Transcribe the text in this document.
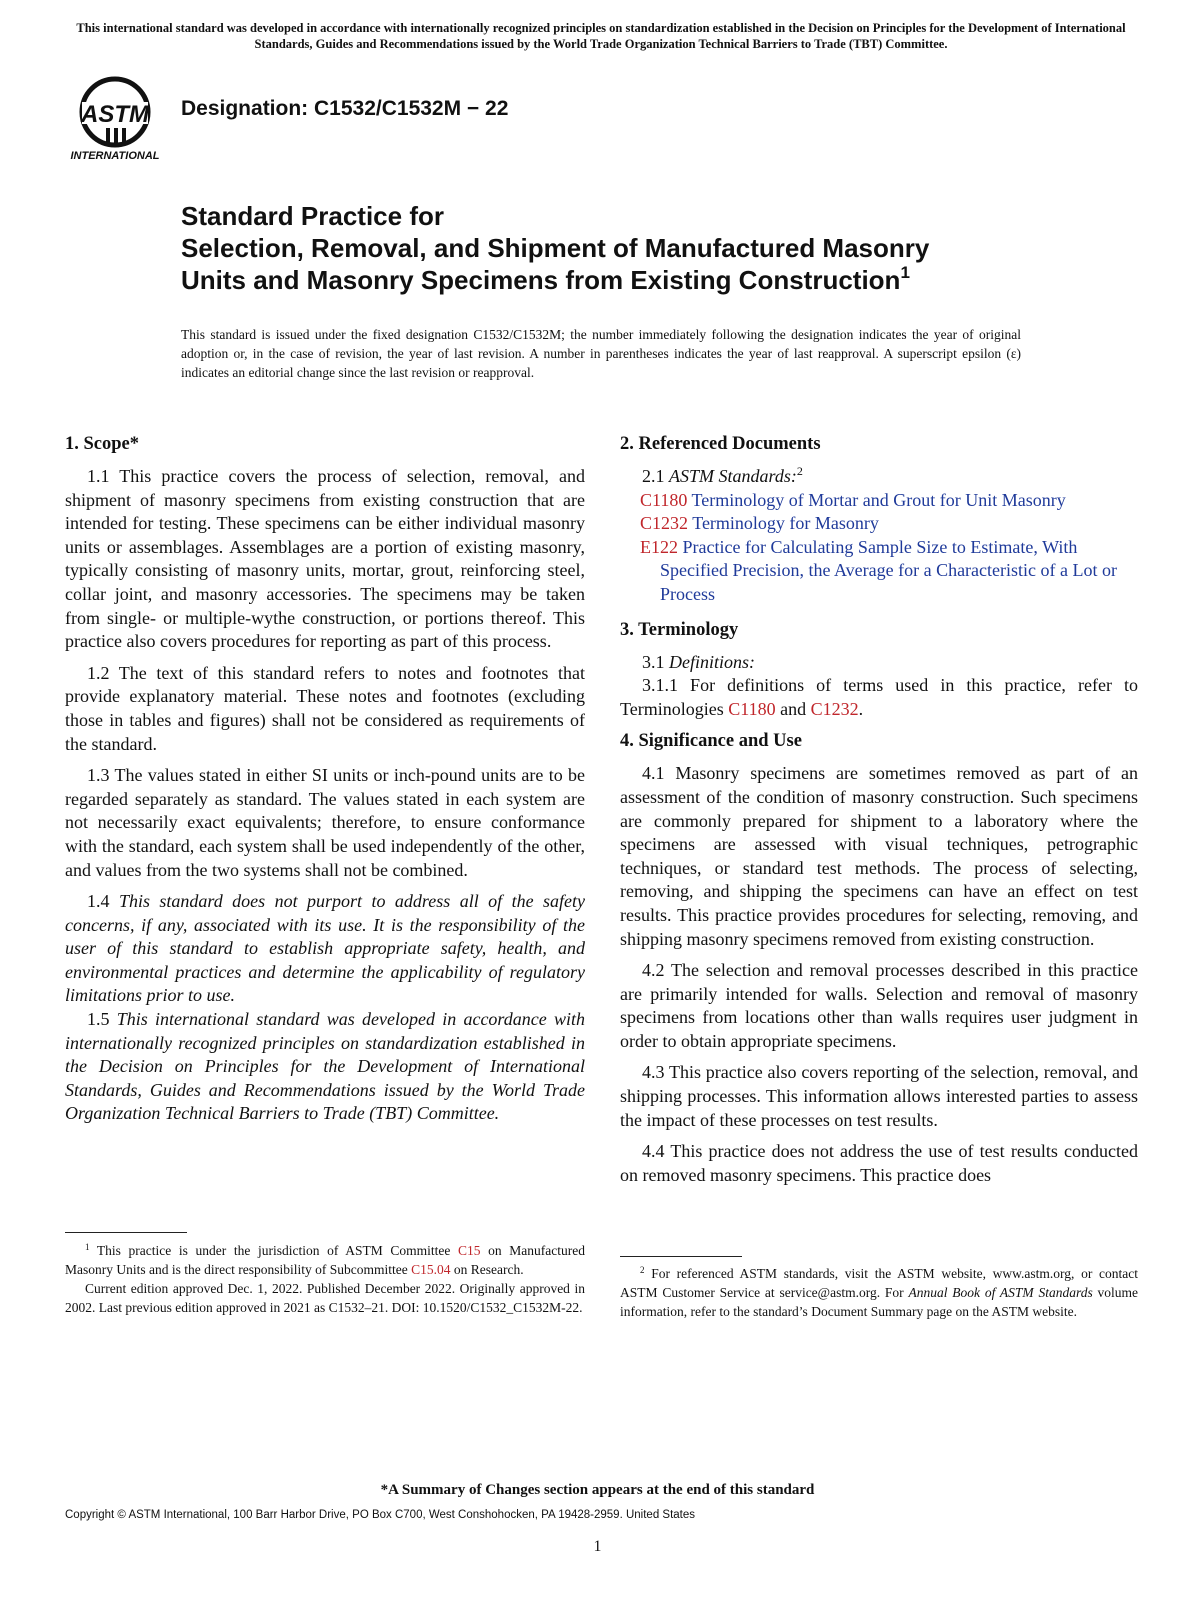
This international standard was developed in accordance with internationally recognized principles on standardization established in the Decision on Principles for the Development of International Standards, Guides and Recommendations issued by the World Trade Organization Technical Barriers to Trade (TBT) Committee.
ASTM
INTERNATIONAL
Designation: C1532/C1532M − 22
Standard Practice for
Selection, Removal, and Shipment of Manufactured Masonry
Units and Masonry Specimens from Existing Construction$^1$
This standard is issued under the fixed designation C1532/C1532M; the number immediately following the designation indicates the year of original adoption or, in the case of revision, the year of last revision. A number in parentheses indicates the year of last reapproval. A superscript epsilon (ε) indicates an editorial change since the last revision or reapproval.
1. Scope*

1.1 This practice covers the process of selection, removal, and shipment of masonry specimens from existing construction that are intended for testing. These specimens can be either individual masonry units or assemblages. Assemblages are a portion of existing masonry, typically consisting of masonry units, mortar, grout, reinforcing steel, collar joint, and masonry accessories. The specimens may be taken from single- or multiple-wythe construction, or portions thereof. This practice also covers procedures for reporting as part of this process.

1.2 The text of this standard refers to notes and footnotes that provide explanatory material. These notes and footnotes (excluding those in tables and figures) shall not be considered as requirements of the standard.

1.3 The values stated in either SI units or inch-pound units are to be regarded separately as standard. The values stated in each system are not necessarily exact equivalents; therefore, to ensure conformance with the standard, each system shall be used independently of the other, and values from the two systems shall not be combined.

1.4 This standard does not purport to address all of the safety concerns, if any, associated with its use. It is the responsibility of the user of this standard to establish appropriate safety, health, and environmental practices and determine the applicability of regulatory limitations prior to use.

1.5 This international standard was developed in accordance with internationally recognized principles on standardization established in the Decision on Principles for the Development of International Standards, Guides and Recommendations issued by the World Trade Organization Technical Barriers to Trade (TBT) Committee.

2. Referenced Documents

2.1 ASTM Standards:$^2$

C1180 Terminology of Mortar and Grout for Unit Masonry
C1232 Terminology for Masonry
E122 Practice for Calculating Sample Size to Estimate, With Specified Precision, the Average for a Characteristic of a Lot or Process
3. Terminology

3.1 Definitions:

3.1.1 For definitions of terms used in this practice, refer to Terminologies C1180 and C1232.

4. Significance and Use

4.1 Masonry specimens are sometimes removed as part of an assessment of the condition of masonry construction. Such specimens are commonly prepared for shipment to a laboratory where the specimens are assessed with visual techniques, petrographic techniques, or standard test methods. The process of selecting, removing, and shipping the specimens can have an effect on test results. This practice provides procedures for selecting, removing, and shipping masonry specimens removed from existing construction.

4.2 The selection and removal processes described in this practice are primarily intended for walls. Selection and removal of masonry specimens from locations other than walls requires user judgment in order to obtain appropriate specimens.

4.3 This practice also covers reporting of the selection, removal, and shipping processes. This information allows interested parties to assess the impact of these processes on test results.

4.4 This practice does not address the use of test results conducted on removed masonry specimens. This practice does

$^1$ This practice is under the jurisdiction of ASTM Committee C15 on Manufactured Masonry Units and is the direct responsibility of Subcommittee C15.04 on Research.

Current edition approved Dec. 1, 2022. Published December 2022. Originally approved in 2002. Last previous edition approved in 2021 as C1532–21. DOI: 10.1520/C1532_C1532M-22.

$^2$ For referenced ASTM standards, visit the ASTM website, www.astm.org, or contact ASTM Customer Service at service@astm.org. For Annual Book of ASTM Standards volume information, refer to the standard’s Document Summary page on the ASTM website.

*A Summary of Changes section appears at the end of this standard
Copyright © ASTM International, 100 Barr Harbor Drive, PO Box C700, West Conshohocken, PA 19428-2959. United States
1
